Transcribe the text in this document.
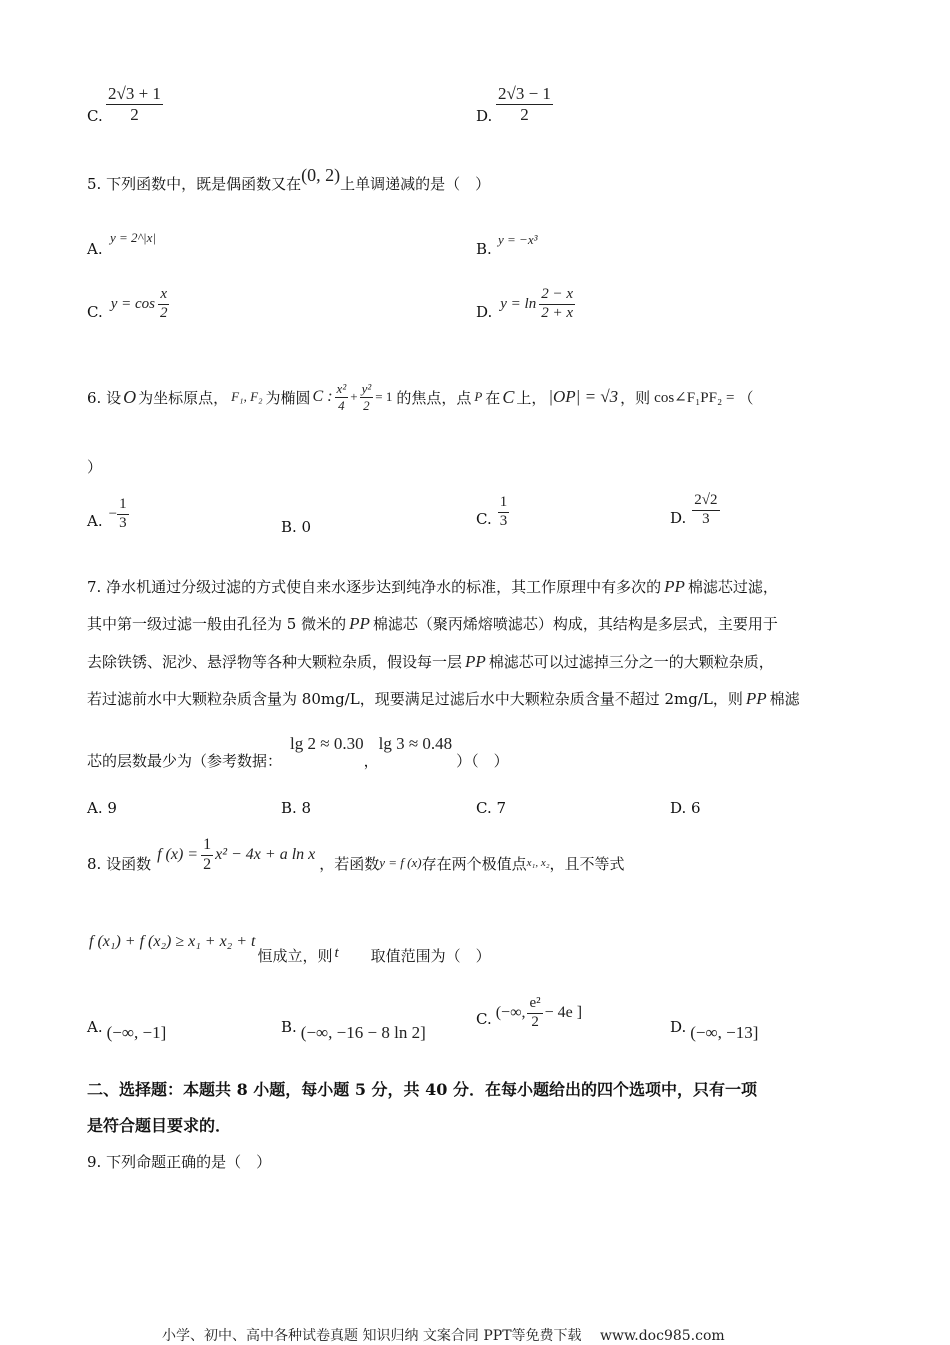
C. $\frac{2√3 + 1}{2}$	D. $\frac{2√3 - 1}{2}$
5. 下列函数中，既是偶函数又在(0, 2)上单调递减的是（　）
A.
y = 2^|x|
B.
y = −x³
C. $y = \cos \frac{x}{2}$	D. $y = \ln \frac{2 - x}{2 + x}$
6. 设 O 为坐标原点， F₁, F₂ 为椭圆 C : $\frac{\text{x²}}{4} + \frac{\text{y²}}{2} = 1$ 的焦点，点 P 在 C 上， |OP| = √3 ，则 cos∠F₁PF₂ = （
）
A. − $\frac{1}{3}$	B. 0	C. $\frac{1}{3}$	D. $\frac{2√2}{3}$
7. 净水机通过分级过滤的方式使自来水逐步达到纯净水的标准，其工作原理中有多次的 PP 棉滤芯过滤，
其中第一级过滤一般由孔径为 5 微米的 PP 棉滤芯（聚丙烯熔喷滤芯）构成，其结构是多层式，主要用于
去除铁锈、泥沙、悬浮物等各种大颗粒杂质，假设每一层 PP 棉滤芯可以过滤掉三分之一的大颗粒杂质，
若过滤前水中大颗粒杂质含量为 80mg/L，现要满足过滤后水中大颗粒杂质含量不超过 2mg/L，则 PP 棉滤
芯的层数最少为（参考数据：
lg 2 ≈ 0.30
，
lg 3 ≈ 0.48
）（　）
A. 9	B. 8	C. 7	D. 6
8. 设函数 f $(x) = \frac{1}{2} x^2 - 4x + a$ ln x ，若函数 y = f (x) 存在两个极值点 x₁, x₂ ，且不等式
f (x₁) + f (x₂) ≥ x₁ + x₂ + t
恒成立，则 t 取值范围为（　）
A. (−∞, −1]	B. (−∞, −16 − 8 ln 2]
C. (−∞, $\frac{\text{e²}}{2} - 4e$ ]
D. (−∞, −13]
二、选择题：本题共 8 小题，每小题 5 分，共 40 分．在每小题给出的四个选项中，只有一项
是符合题目要求的．
9. 下列命题正确的是（　）
小学、初中、高中各种试卷真题 知识归纳 文案合同 PPT等免费下载　 www.doc985.com
